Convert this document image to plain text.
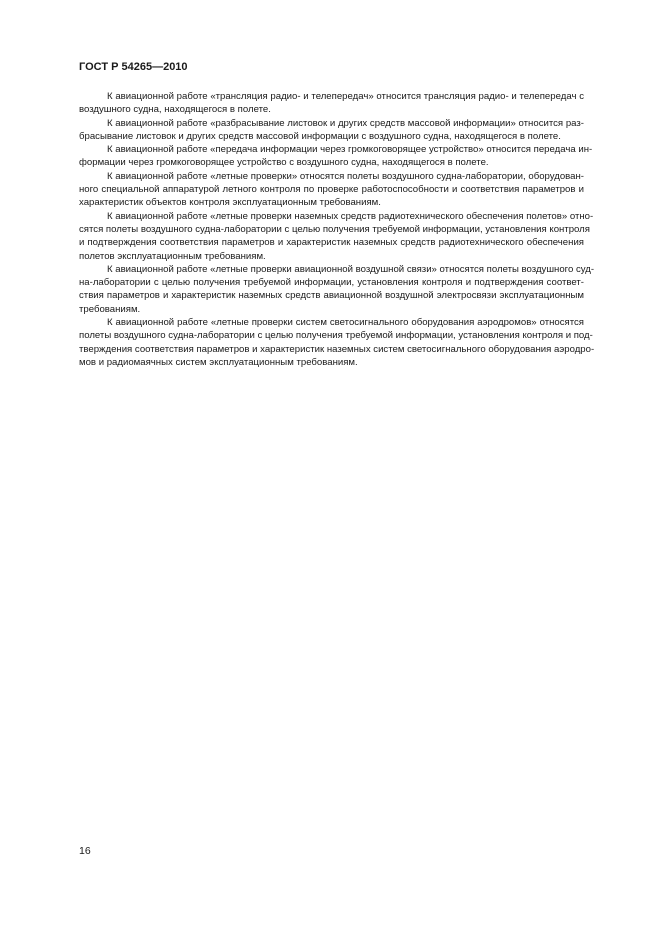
ГОСТ Р 54265—2010
К авиационной работе «трансляция радио- и телепередач» относится трансляция радио- и телепередач с
воздушного судна, находящегося в полете.
К авиационной работе «разбрасывание листовок и других средств массовой информации» относится раз-
брасывание листовок и других средств массовой информации с воздушного судна, находящегося в полете.
К авиационной работе «передача информации через громкоговорящее устройство» относится передача ин-
формации через громкоговорящее устройство с воздушного судна, находящегося в полете.
К авиационной работе «летные проверки» относятся полеты воздушного судна-лаборатории, оборудован-
ного специальной аппаратурой летного контроля по проверке работоспособности и соответствия параметров и
характеристик объектов контроля эксплуатационным требованиям.
К авиационной работе «летные проверки наземных средств радиотехнического обеспечения полетов» отно-
сятся полеты воздушного судна-лаборатории с целью получения требуемой информации, установления контроля
и подтверждения соответствия параметров и характеристик наземных средств радиотехнического обеспечения
полетов эксплуатационным требованиям.
К авиационной работе «летные проверки авиационной воздушной связи» относятся полеты воздушного суд-
на-лаборатории с целью получения требуемой информации, установления контроля и подтверждения соответ-
ствия параметров и характеристик наземных средств авиационной воздушной электросвязи эксплуатационным
требованиям.
К авиационной работе «летные проверки систем светосигнального оборудования аэродромов» относятся
полеты воздушного судна-лаборатории с целью получения требуемой информации, установления контроля и под-
тверждения соответствия параметров и характеристик наземных систем светосигнального оборудования аэродро-
мов и радиомаячных систем эксплуатационным требованиям.
16
